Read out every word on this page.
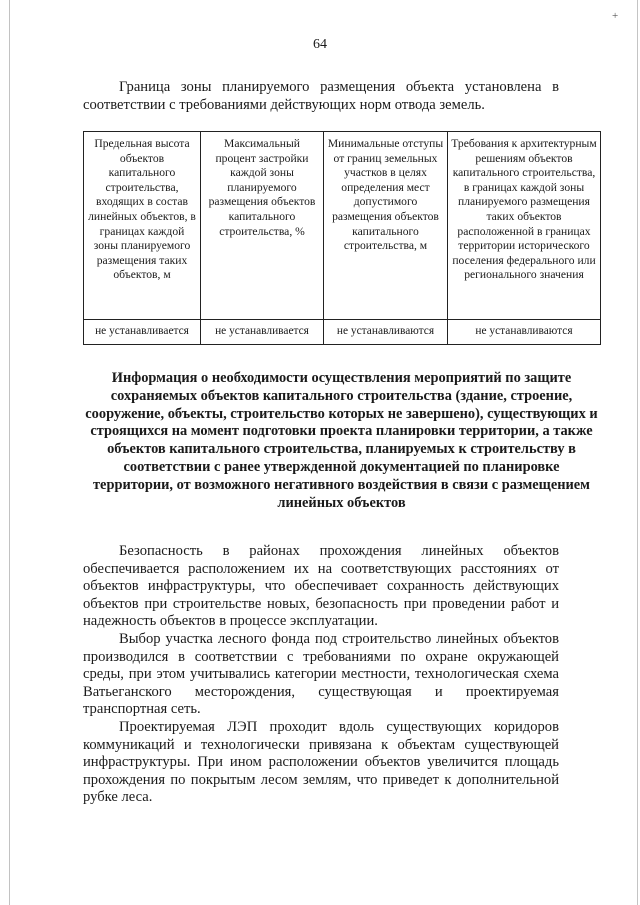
+
64

Граница зоны планируемого размещения объекта установлена в соответствии с требованиями действующих норм отвода земель.

Предельная высота объектов капитального строительства, входящих в состав линейных объектов, в границах каждой зоны планируемого размещения таких объектов, м	Максимальный процент застройки каждой зоны планируемого размещения объектов капитального строительства, %	Минимальные отступы от границ земельных участков в целях определения мест допустимого размещения объектов капитального строительства, м	Требования к архитектурным решениям объектов капитального строительства, в границах каждой зоны планируемого размещения таких объектов расположенной в границах территории исторического поселения федерального или регионального значения
не устанавливается	не устанавливается	не устанавливаются	не устанавливаются

Информация о необходимости осуществления мероприятий по защите сохраняемых объектов капитального строительства (здание, строение, сооружение, объекты, строительство которых не завершено), существующих и строящихся на момент подготовки проекта планировки территории, а также объектов капитального строительства, планируемых к строительству в соответствии с ранее утвержденной документацией по планировке территории, от возможного негативного воздействия в связи с размещением линейных объектов

Безопасность в районах прохождения линейных объектов обеспечивается расположением их на соответствующих расстояниях от объектов инфраструктуры, что обеспечивает сохранность действующих объектов при строительстве новых, безопасность при проведении работ и надежность объектов в процессе эксплуатации.

Выбор участка лесного фонда под строительство линейных объектов производился в соответствии с требованиями по охране окружающей среды, при этом учитывались категории местности, технологическая схема Ватьеганского месторождения, существующая и проектируемая транспортная сеть.

Проектируемая ЛЭП проходит вдоль существующих коридоров коммуникаций и технологически привязана к объектам существующей инфраструктуры. При ином расположении объектов увеличится площадь прохождения по покрытым лесом землям, что приведет к дополнительной рубке леса.
